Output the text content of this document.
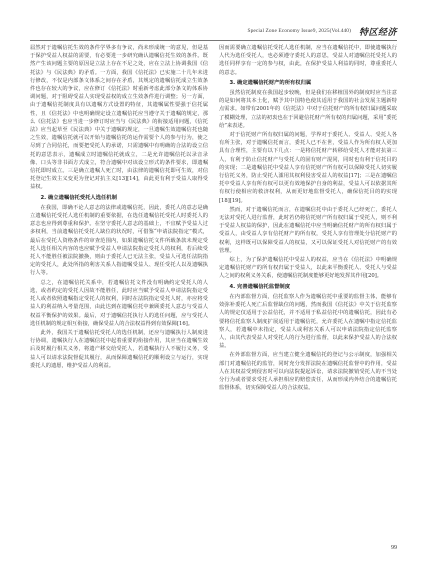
Special Zone Economy Issue9, 2025(Vol.440) 特区经济

届然对于遗嘱信托生效的条件学界多有争议，尚未形成统一的意见，但是基于保护受益人权益的需要，有必要进一步研究确认遗嘱信托生效的条件。既然产生该问题主要的原因是立法上存在不足之处，应在立法上协调我国《信托法》与《民法典》的矛盾。一方面，我国《信托法》已实施二十几年未进行修改，不仅是内部条文体系之间存在矛盾，其规定的遗嘱信托成立生效条件也存在较大的争议，应在修订《信托法》时重新考虑此部分条文的体系协调问题，对于阻碍受益人实现受益权的成立生效条件进行调整；另一方面，由于遗嘱信托制度具有以遗嘱方式设置的特征，其遗嘱属性要强于信托属性，且《信托法》中也明确规定设立遗嘱信托应当遵守关于遗嘱的规定，那么《信托法》也应当进一步修订时应当与《民法典》的衔接适用问题，《信托法》应当起草至《民法典》中关于遗嘱的规定，一旦遗嘱生效遗嘱信托也随之生效，遗嘱信托就可以开始与遗嘱信托的运作需要个人的参与行为，使之尽到了合同信托，而要把受托人的承诺，只需遗嘱中有明确的合法的设立信托的意思表示，遗嘱成立时遗嘱信托就成立，二是允许遗嘱信托以录音录像、口头等非书面方式成立，符合遗嘱中对该设立形式的条件要求，即遗嘱信托即时成立。三是确立遗嘱人死亡时，由法律的遗嘱信托即可生效，对信托登记生效主义变更为登记对抗主义[13][14]，由此更有利于受益人取得受益权。

2. 确立遗嘱信托受托人选任机制

在我国，即确不论人意志的法律或遗嘱信托，因此，委托人的意志是确立遗嘱信托受托人选任机制的重要依据，在选任遗嘱信托受托人时委托人的意志也应得到尊重和保护。在坚守委托人意志的基础上，不宜赋予受益人过多权利，当前遗嘱信托受托人缺位的状况时，可借鉴“申请法院指定”模式，最后在受托人资格条件的审查范围内，如果遗嘱信托文件所载条款未规定受托人选任相关内容的也应赋予受益人申请法院指定受托人的权利，若后续受托人不能胜任被法院撤换，则由于委托人已无法主张，受益人可选任法院指定的受托人，此处所指的利害关系人指遗嘱受益人、现任受托人以及遗嘱执行人等。

总之，在遗嘱信托关系中，若遗嘱信托文件没有明确约定受托人的人选，或者约定的受托人因故不能胜任，此时应当赋予受益人申请法院指定受托人或者依照遗嘱指定受托人的权利，同时在法院指定受托人时，亦应将受益人的利益纳入考量范围，由此达到在遗嘱信托中兼顾委托人意志与受益人权益平衡保护的效果。最后，对于遗嘱信托执行人的选任问题，应与受托人选任机制的规定相互衔接，确保受益人的合法权益得到有效保障[16]。

此外，我国关于遗嘱信托受托人的选任机制，还应与遗嘱执行人制度进行协调，遗嘱执行人在遗嘱信托中起着重要的衔接作用，其应当在遗嘱生效后及时履行相关义务，将遗产移交给受托人，若遗嘱执行人不履行义务，受益人可以请求法院督促其履行，从而保障遗嘱信托的顺利设立与运行，实现委托人的遗愿，维护受益人的利益。

因而需要确立遗嘱信托受托人选任机制，应当在遗嘱信托中，即使遗嘱执行人代为选任受托人，也必须遵守委托人的意思，受益人对遗嘱信托受托人的选任同样享有一定的参与权，由此，在保护受益人利益的同时，尊重委托人的意志。

3. 确定遗嘱信托财产的所有权归属

虽然信托制度在我国起步较晚，但是我们在移植国外的制度时应当注意的是如何将其本土化，赋予其中国特色使其适用于我国的社会发展主题新特点需求。如带有2001年的《信托法》中对于信托财产的所有权归属问题采取了模糊处理，立法的初衷也在于回避信托财产所有权的归属问题，采用“委托给”来表述。

对于信托财产所有权归属的问题，学界对于委托人、受益人、受托人各有所主张，对于遗嘱信托而言，委托人已不在世，受益人作为所有权人更加具有合理性，主要有以下几点：一是将信托财产转移给受托人才能对抗第三人，有利于防止信托财产与受托人的固有财产混同，同时也有利于信托目的的实现；二是遗嘱信托中受益人享有信托财产所有权可以保障受托人切实履行信托义务，防止受托人滥用其权利侵害受益人的权益[17]；三是在遗嘱信托中受益人享有所有权可以更有效地保护自身的利益，受益人可以依据其所有权行使相应的救济权利，从而更好地监督受托人，确保信托目的的实现[18][19]。

然而，对于遗嘱信托而言，在遗嘱信托中由于委托人已经死亡，委托人无法对受托人进行监督，此时若仍将信托财产所有权归属于受托人，则不利于受益人权益的保护，因此在遗嘱信托中应当明确信托财产的所有权归属于受益人，由受益人享有信托财产的所有权，受托人享有管理处分信托财产的权利，这样既可以保障受益人的权益，又可以保证受托人对信托财产的有效管理。

综上，为了保护遗嘱信托中受益人的权益，应当在《信托法》中明确规定遗嘱信托财产的所有权归属于受益人，以此来平衡委托人、受托人与受益人之间的权利义务关系，使遗嘱信托制度能够更好地发挥其作用[20]。

4. 完善遗嘱信托监督制度

在内部监督方面，信托监察人作为遗嘱信托中重要的监督主体，能够有效弥补委托人死亡后监督缺位的问题，然而我国《信托法》中关于信托监察人的规定仅适用于公益信托，并不适用于私益信托中的遗嘱信托，因此有必要将信托监察人制度扩展适用于遗嘱信托，允许委托人在遗嘱中指定信托监察人，若遗嘱中未指定，受益人或利害关系人可以申请法院指定信托监察人，由其代表受益人对受托人的行为进行监督，以此来保护受益人的合法权益。

在外部监督方面，应当建立健全遗嘱信托的登记与公示制度，加强相关部门对遗嘱信托的监管，同时充分发挥法院在遗嘱信托监督中的作用，受益人在其权益受到侵害时可以向法院提起诉讼，请求法院撤销受托人的不当处分行为或者要求受托人承担相应的赔偿责任，从而形成内外结合的遗嘱信托监督体系，切实保障受益人的合法权益。

99
